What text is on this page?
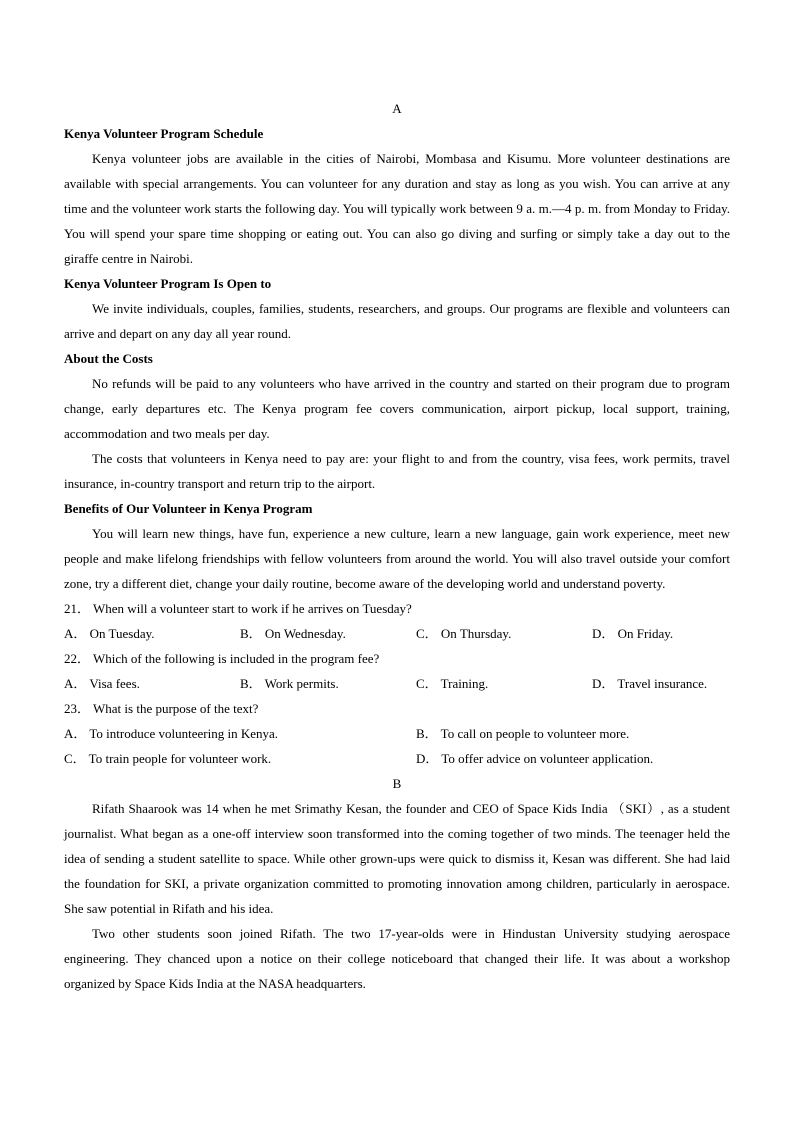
A
Kenya Volunteer Program Schedule

Kenya volunteer jobs are available in the cities of Nairobi, Mombasa and Kisumu. More volunteer destinations are available with special arrangements. You can volunteer for any duration and stay as long as you wish. You can arrive at any time and the volunteer work starts the following day. You will typically work between 9 a. m.—4 p. m. from Monday to Friday. You will spend your spare time shopping or eating out. You can also go diving and surfing or simply take a day out to the giraffe centre in Nairobi.

Kenya Volunteer Program Is Open to

We invite individuals, couples, families, students, researchers, and groups. Our programs are flexible and volunteers can arrive and depart on any day all year round.

About the Costs

No refunds will be paid to any volunteers who have arrived in the country and started on their program due to program change, early departures etc. The Kenya program fee covers communication, airport pickup, local support, training, accommodation and two meals per day.

The costs that volunteers in Kenya need to pay are: your flight to and from the country, visa fees, work permits, travel insurance, in-country transport and return trip to the airport.

Benefits of Our Volunteer in Kenya Program

You will learn new things, have fun, experience a new culture, learn a new language, gain work experience, meet new people and make lifelong friendships with fellow volunteers from around the world. You will also travel outside your comfort zone, try a different diet, change your daily routine, become aware of the developing world and understand poverty.

21． When will a volunteer start to work if he arrives on Tuesday?
A． On Tuesday.	B． On Wednesday.	C． On Thursday.	D． On Friday.
22． Which of the following is included in the program fee?
A． Visa fees.	B． Work permits.	C． Training.	D． Travel insurance.
23． What is the purpose of the text?
A． To introduce volunteering in Kenya.	B． To call on people to volunteer more.
C． To train people for volunteer work.	D． To offer advice on volunteer application.
B

Rifath Shaarook was 14 when he met Srimathy Kesan, the founder and CEO of Space Kids India （SKI）, as a student journalist. What began as a one-off interview soon transformed into the coming together of two minds. The teenager held the idea of sending a student satellite to space. While other grown-ups were quick to dismiss it, Kesan was different. She had laid the foundation for SKI, a private organization committed to promoting innovation among children, particularly in aerospace. She saw potential in Rifath and his idea.

Two other students soon joined Rifath. The two 17-year-olds were in Hindustan University studying aerospace engineering. They chanced upon a notice on their college noticeboard that changed their life. It was about a workshop organized by Space Kids India at the NASA headquarters.
